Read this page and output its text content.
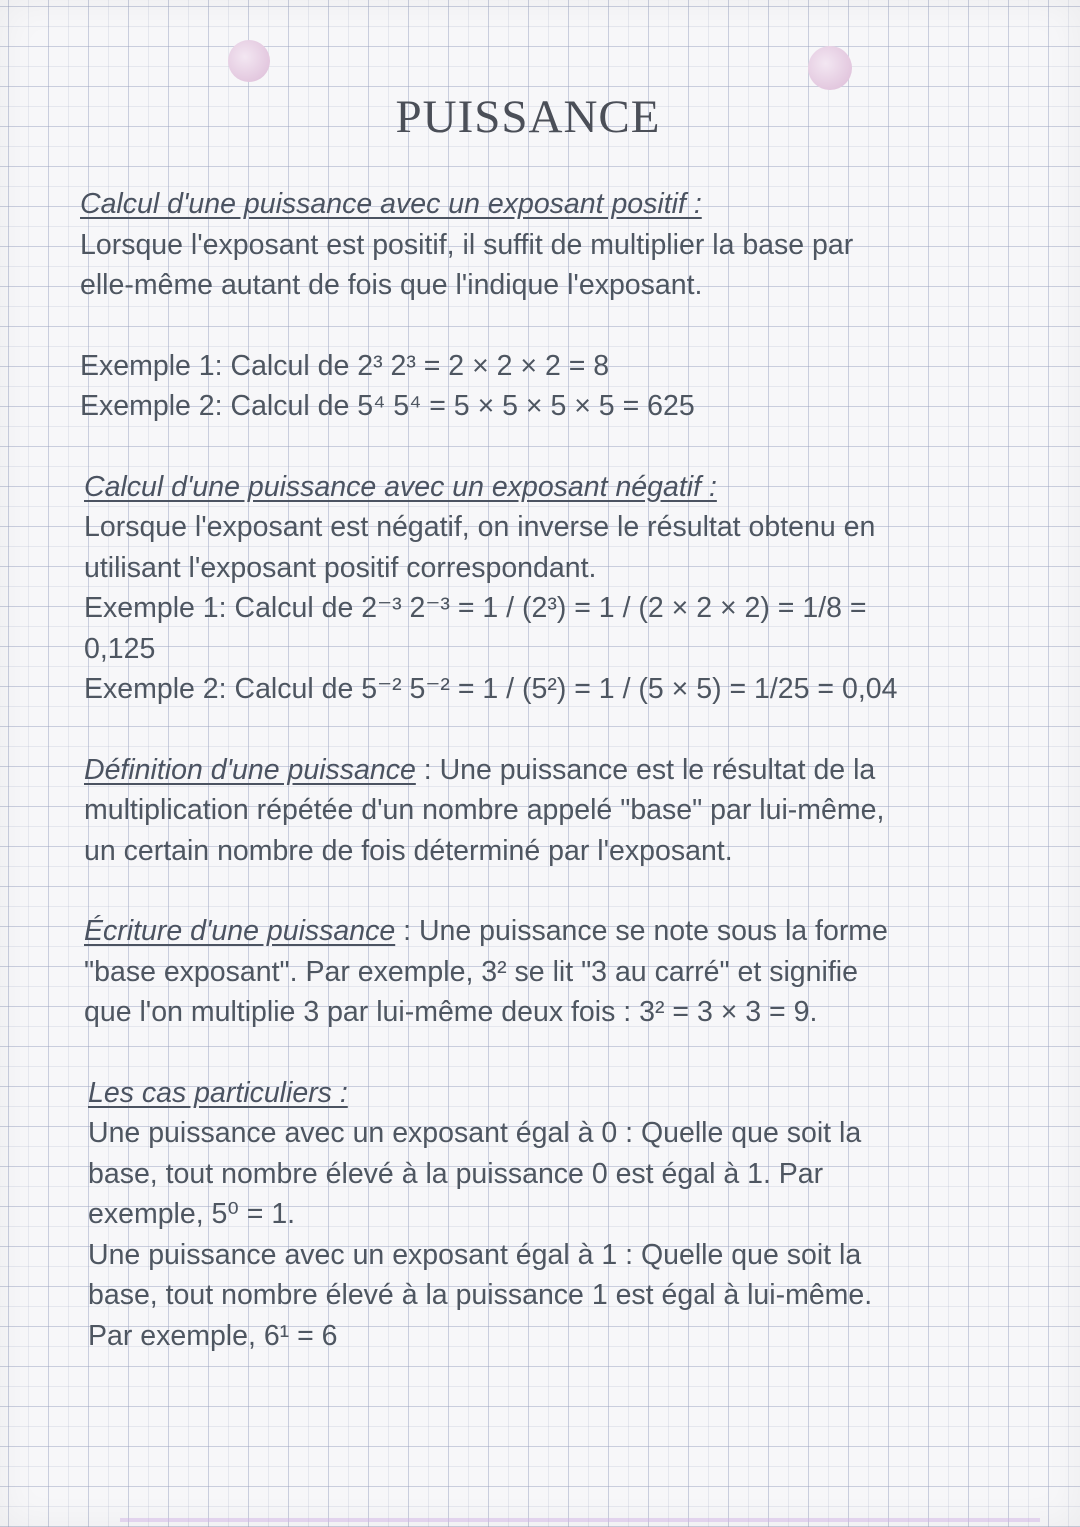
PUISSANCE

Calcul d'une puissance avec un exposant positif :

Lorsque l'exposant est positif, il suffit de multiplier la base par

elle-même autant de fois que l'indique l'exposant.

Exemple 1: Calcul de 2³ 2³ = 2 × 2 × 2 = 8

Exemple 2: Calcul de 5⁴ 5⁴ = 5 × 5 × 5 × 5 = 625

Calcul d'une puissance avec un exposant négatif :

Lorsque l'exposant est négatif, on inverse le résultat obtenu en

utilisant l'exposant positif correspondant.

Exemple 1: Calcul de 2⁻³ 2⁻³ = 1 / (2³) = 1 / (2 × 2 × 2) = 1/8 =

0,125

Exemple 2: Calcul de 5⁻² 5⁻² = 1 / (5²) = 1 / (5 × 5) = 1/25 = 0,04

Définition d'une puissance : Une puissance est le résultat de la

multiplication répétée d'un nombre appelé "base" par lui-même,

un certain nombre de fois déterminé par l'exposant.

Écriture d'une puissance : Une puissance se note sous la forme

"base exposant". Par exemple, 3² se lit "3 au carré" et signifie

que l'on multiplie 3 par lui-même deux fois : 3² = 3 × 3 = 9.

Les cas particuliers :

Une puissance avec un exposant égal à 0 : Quelle que soit la

base, tout nombre élevé à la puissance 0 est égal à 1. Par

exemple, 5⁰ = 1.

Une puissance avec un exposant égal à 1 : Quelle que soit la

base, tout nombre élevé à la puissance 1 est égal à lui-même.

Par exemple, 6¹ = 6
